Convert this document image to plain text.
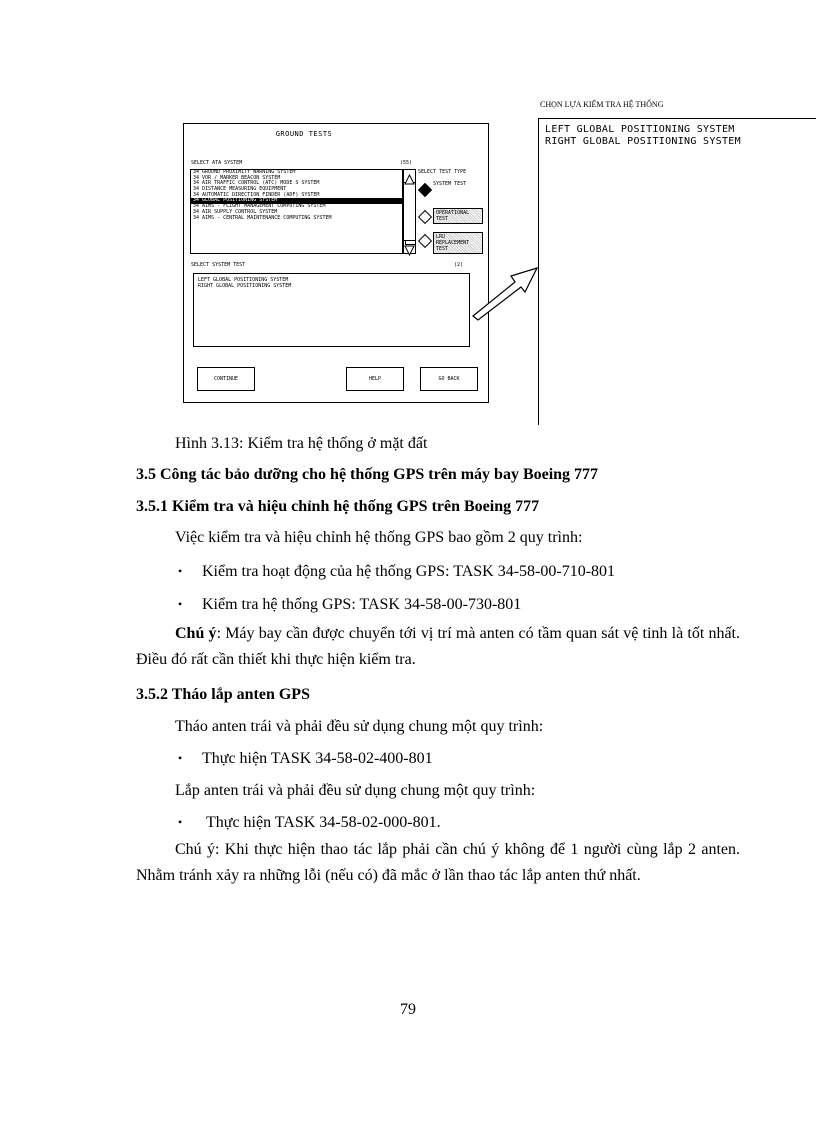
GROUND TESTS
SELECT ATA SYSTEM	(55)
34 GROUND PROXIMITY WARNING SYSTEM
34 VOR / MARKER BEACON SYSTEM
34 AIR TRAFFIC CONTROL (ATC) MODE S SYSTEM
34 DISTANCE MEASURING EQUIPMENT
34 AUTOMATIC DIRECTION FINDER (ADF) SYSTEM
34 GLOBAL POSITIONING SYSTEM
34 AIMS - FLIGHT MANAGEMENT COMPUTING SYSTEM
34 AIR SUPPLY CONTROL SYSTEM
34 AIMS - CENTRAL MAINTENANCE COMPUTING SYSTEM
SELECT TEST TYPE
SYSTEM TEST
OPERATIONAL TEST
LRU REPLACEMENT TEST
SELECT SYSTEM TEST	(2)
LEFT GLOBAL POSITIONING SYSTEM
RIGHT GLOBAL POSITIONING SYSTEM
CONTINUE	HELP	GO BACK
CHỌN LỰA KIỂM TRA HỆ THỐNG
LEFT GLOBAL POSITIONING SYSTEM
RIGHT GLOBAL POSITIONING SYSTEM
Hình 3.13: Kiểm tra hệ thống ở mặt đất
3.5 Công tác bảo dưỡng cho hệ thống GPS trên máy bay Boeing 777
3.5.1 Kiểm tra và hiệu chỉnh hệ thống GPS trên Boeing 777
Việc kiểm tra và hiệu chỉnh hệ thống GPS bao gồm 2 quy trình:
• Kiểm tra hoạt động của hệ thống GPS: TASK 34-58-00-710-801
• Kiểm tra hệ thống GPS: TASK 34-58-00-730-801
Chú ý: Máy bay cần được chuyển tới vị trí mà anten có tầm quan sát vệ tinh là tốt nhất. Điều đó rất cần thiết khi thực hiện kiểm tra.
3.5.2 Tháo lắp anten GPS
Tháo anten trái và phải đều sử dụng chung một quy trình:
• Thực hiện TASK 34-58-02-400-801
Lắp anten trái và phải đều sử dụng chung một quy trình:
• Thực hiện TASK 34-58-02-000-801.
Chú ý: Khi thực hiện thao tác lắp phải cần chú ý không để 1 người cùng lắp 2 anten. Nhằm tránh xảy ra những lỗi (nếu có) đã mắc ở lần thao tác lắp anten thứ nhất.
79
